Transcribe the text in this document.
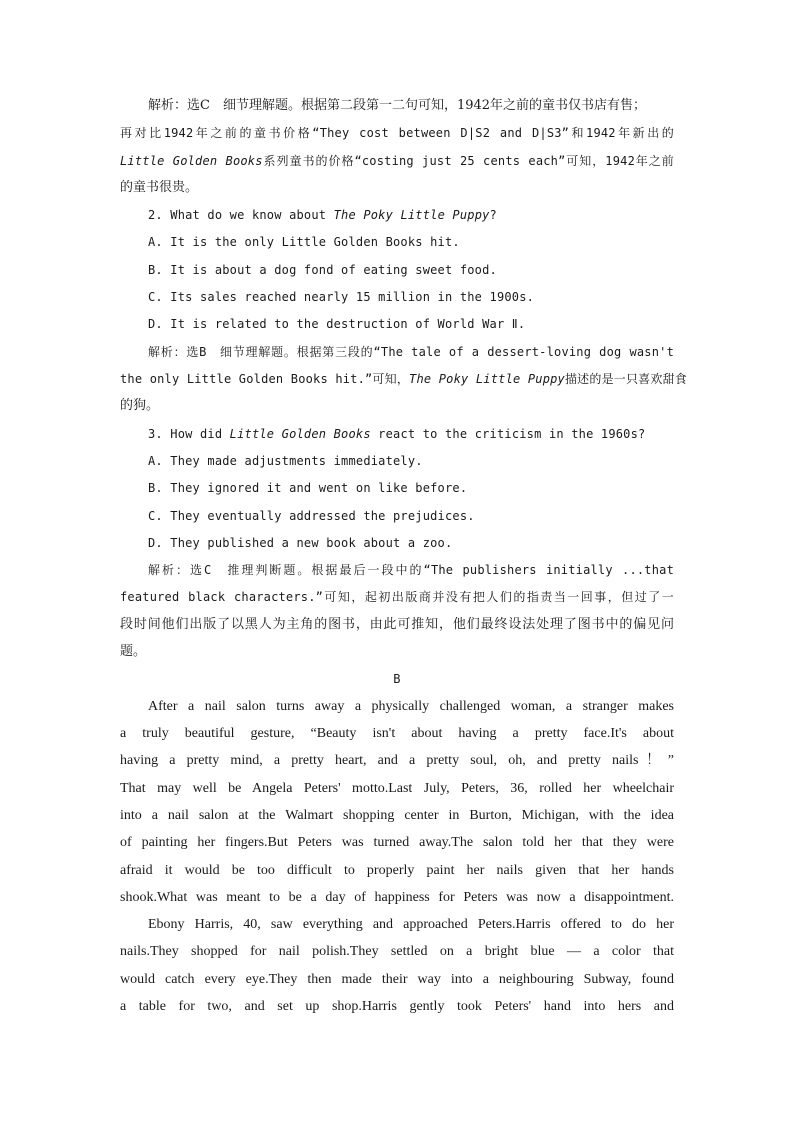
解析：选C　细节理解题。根据第二段第一二句可知，1942年之前的童书仅书店有售；
再对比1942年之前的童书价格“They cost between D|S2 and D|S3”和1942年新出的
Little Golden Books系列童书的价格“costing just 25 cents each”可知，1942年之前
的童书很贵。
2. What do we know about The Poky Little Puppy?
A. It is the only Little Golden Books hit.
B. It is about a dog fond of eating sweet food.
C. Its sales reached nearly 15 million in the 1900s.
D. It is related to the destruction of World War Ⅱ.
解析：选B　细节理解题。根据第三段的“The tale of a dessert-loving dog wasn't
the only Little Golden Books hit.”可知，The Poky Little Puppy描述的是一只喜欢甜食
的狗。
3. How did Little Golden Books react to the criticism in the 1960s?
A. They made adjustments immediately.
B. They ignored it and went on like before.
C. They eventually addressed the prejudices.
D. They published a new book about a zoo.
解析：选C　推理判断题。根据最后一段中的“The publishers initially ...that
featured black characters.”可知，起初出版商并没有把人们的指责当一回事，但过了一
段时间他们出版了以黑人为主角的图书，由此可推知，他们最终设法处理了图书中的偏见问
题。
B
After a nail salon turns away a physically challenged woman, a stranger makes
a truly beautiful gesture, “Beauty isn't about having a pretty face.It's about
having a pretty mind, a pretty heart, and a pretty soul, oh, and pretty nails！”
That may well be Angela Peters' motto.Last July, Peters, 36, rolled her wheelchair
into a nail salon at the Walmart shopping center in Burton, Michigan, with the idea
of painting her fingers.But Peters was turned away.The salon told her that they were
afraid it would be too difficult to properly paint her nails given that her hands
shook.What was meant to be a day of happiness for Peters was now a disappointment.
Ebony Harris, 40, saw everything and approached Peters.Harris offered to do her
nails.They shopped for nail polish.They settled on a bright blue — a color that
would catch every eye.They then made their way into a neighbouring Subway, found
a table for two, and set up shop.Harris gently took Peters' hand into hers and
